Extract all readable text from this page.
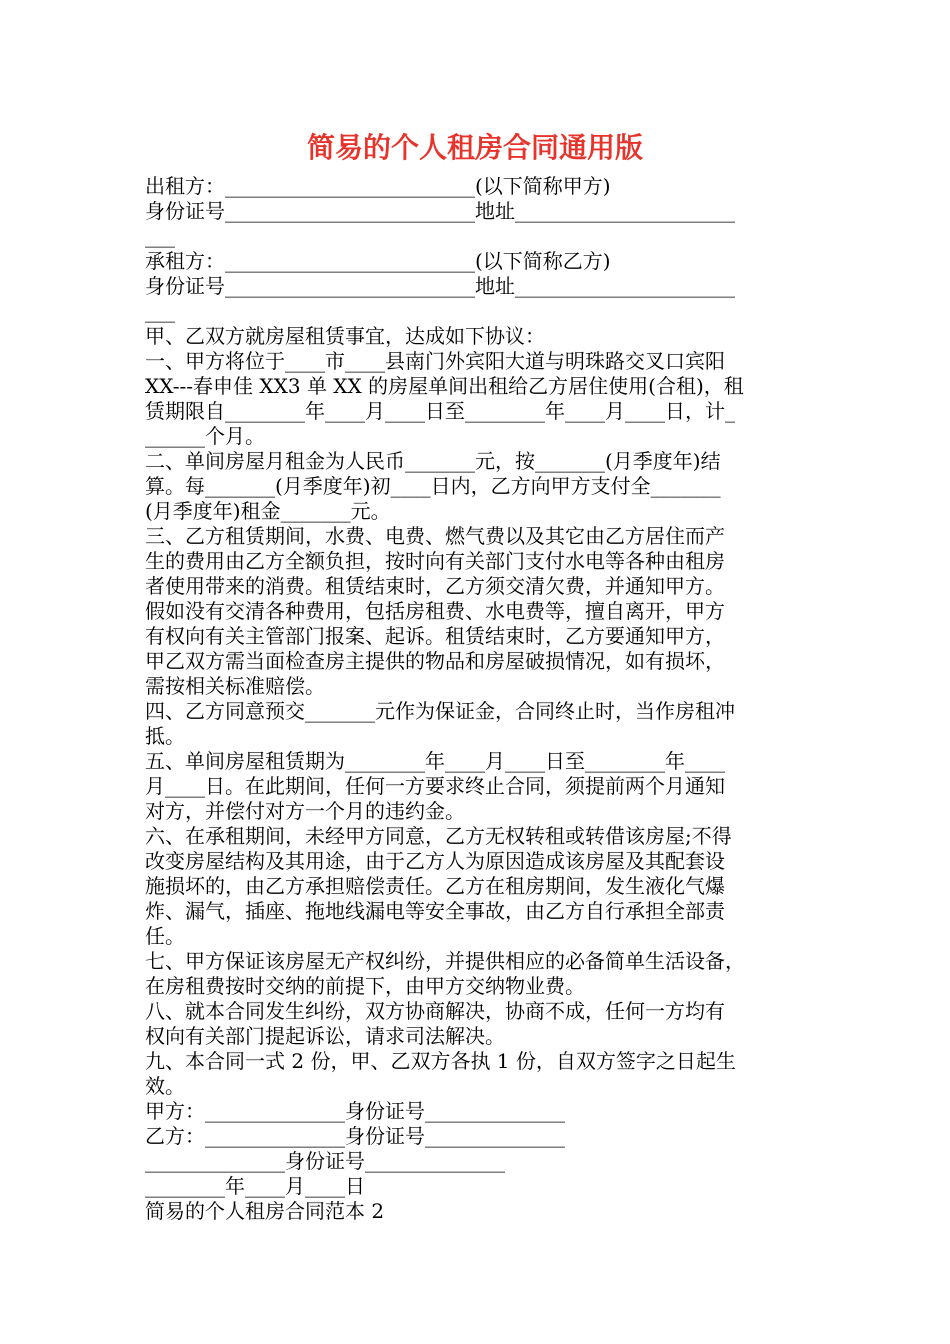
简易的个人租房合同通用版
出租方：_________________________(以下简称甲方)
身份证号_________________________地址______________________
___
承租方：_________________________(以下简称乙方)
身份证号_________________________地址______________________
___
甲、乙双方就房屋租赁事宜，达成如下协议：
一、甲方将位于____市____县南门外宾阳大道与明珠路交叉口宾阳
XX---春申佳 XX3 单 XX 的房屋单间出租给乙方居住使用(合租)，租
赁期限自________年____月____日至________年____月____日，计_
______个月。
二、单间房屋月租金为人民币_______元，按_______(月季度年)结
算。每_______(月季度年)初____日内，乙方向甲方支付全_______
(月季度年)租金_______元。
三、乙方租赁期间，水费、电费、燃气费以及其它由乙方居住而产
生的费用由乙方全额负担，按时向有关部门支付水电等各种由租房
者使用带来的消费。租赁结束时，乙方须交清欠费，并通知甲方。
假如没有交清各种费用，包括房租费、水电费等，擅自离开，甲方
有权向有关主管部门报案、起诉。租赁结束时，乙方要通知甲方，
甲乙双方需当面检查房主提供的物品和房屋破损情况，如有损坏，
需按相关标准赔偿。
四、乙方同意预交_______元作为保证金，合同终止时，当作房租冲
抵。
五、单间房屋租赁期为________年____月____日至________年____
月____日。在此期间，任何一方要求终止合同，须提前两个月通知
对方，并偿付对方一个月的违约金。
六、在承租期间，未经甲方同意，乙方无权转租或转借该房屋;不得
改变房屋结构及其用途，由于乙方人为原因造成该房屋及其配套设
施损坏的，由乙方承担赔偿责任。乙方在租房期间，发生液化气爆
炸、漏气，插座、拖地线漏电等安全事故，由乙方自行承担全部责
任。
七、甲方保证该房屋无产权纠纷，并提供相应的必备简单生活设备，
在房租费按时交纳的前提下，由甲方交纳物业费。
八、就本合同发生纠纷，双方协商解决，协商不成，任何一方均有
权向有关部门提起诉讼，请求司法解决。
九、本合同一式 2 份，甲、乙双方各执 1 份，自双方签字之日起生
效。
甲方：______________身份证号______________
乙方：______________身份证号______________
______________身份证号______________
________年____月____日
简易的个人租房合同范本 2
